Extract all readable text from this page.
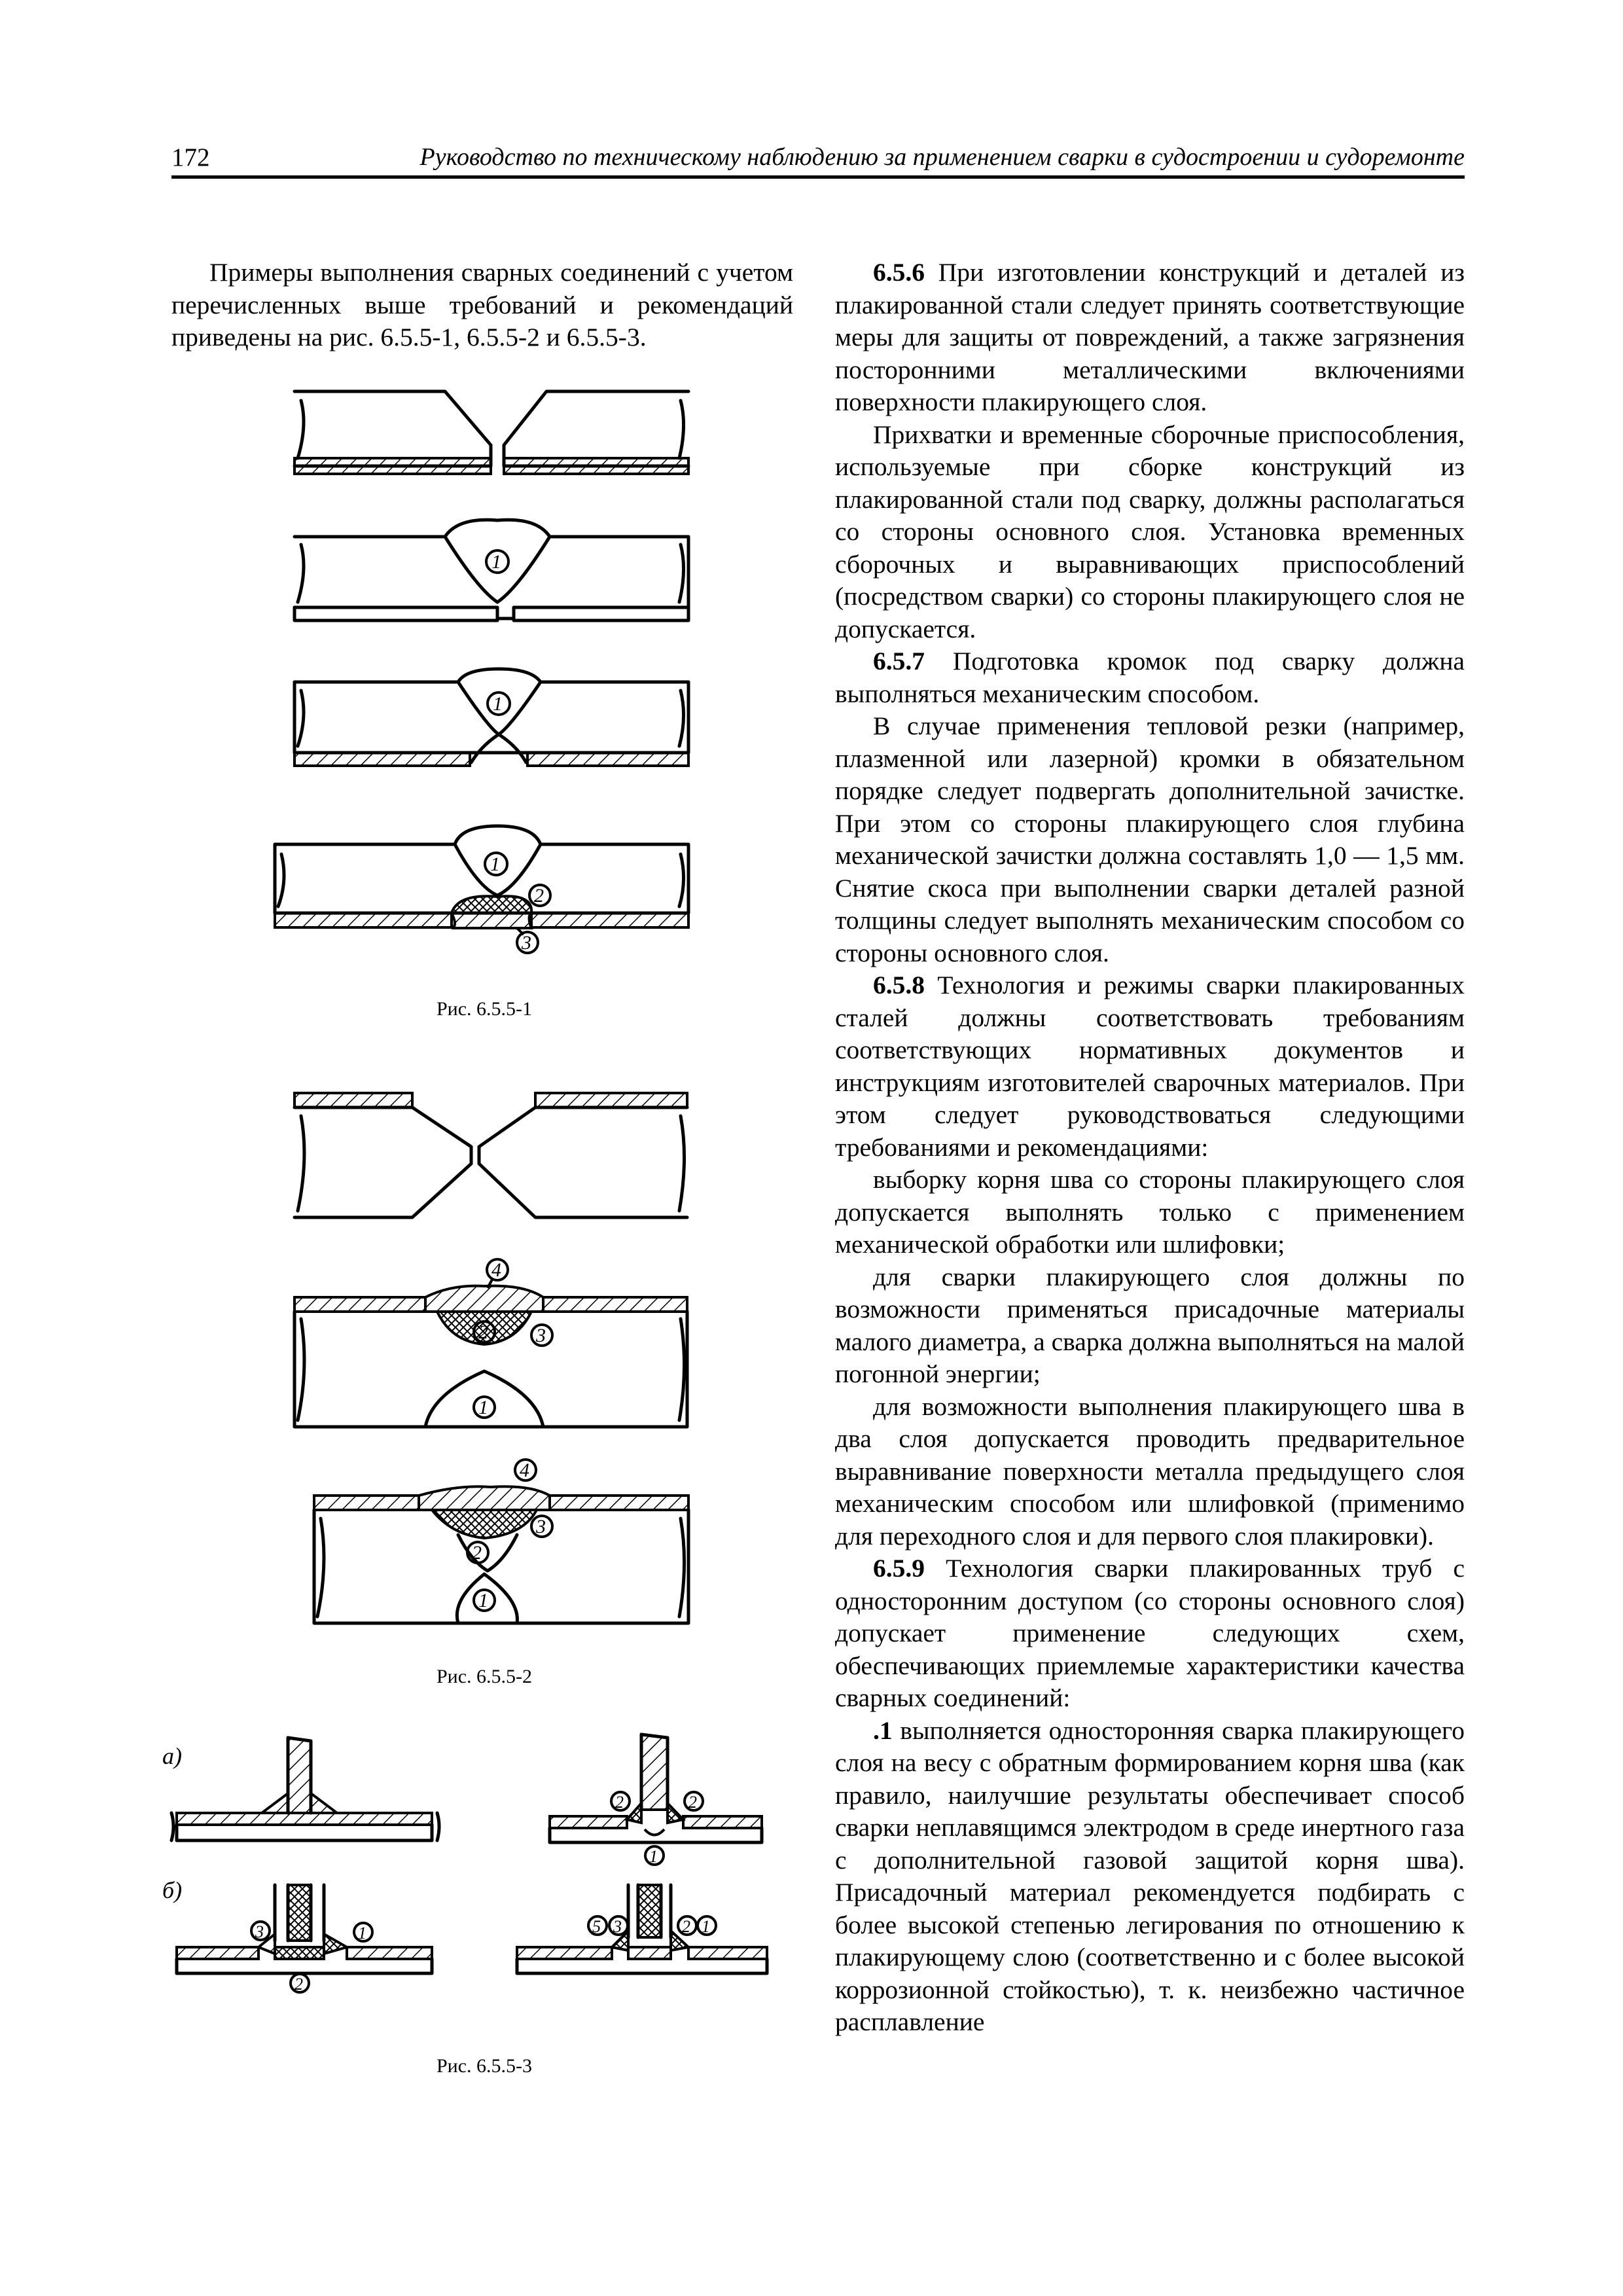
172	Руководство по техническому наблюдению за применением сварки в судостроении и судоремонте

Примеры выполнения сварных соединений с учетом перечисленных выше требований и рекомендаций приведены на рис. 6.5.5-1, 6.5.5-2 и 6.5.5-3.

1
1
1
2
3
4
2 3
1
4
3
2
1
а)
б)
2	2
1
3	1
2
5 3	2 1
Рис. 6.5.5-1
Рис. 6.5.5-2
Рис. 6.5.5-3

6.5.6 При изготовлении конструкций и деталей из плакированной стали следует принять соответствующие меры для защиты от повреждений, а также загрязнения посторонними металлическими включениями поверхности плакирующего слоя.

Прихватки и временные сборочные приспособления, используемые при сборке конструкций из плакированной стали под сварку, должны располагаться со стороны основного слоя. Установка временных сборочных и выравнивающих приспособлений (посредством сварки) со стороны плакирующего слоя не допускается.

6.5.7 Подготовка кромок под сварку должна выполняться механическим способом.

В случае применения тепловой резки (например, плазменной или лазерной) кромки в обязательном порядке следует подвергать дополнительной зачистке. При этом со стороны плакирующего слоя глубина механической зачистки должна составлять 1,0 — 1,5 мм. Снятие скоса при выполнении сварки деталей разной толщины следует выполнять механическим способом со стороны основного слоя.

6.5.8 Технология и режимы сварки плакированных сталей должны соответствовать требованиям соответствующих нормативных документов и инструкциям изготовителей сварочных материалов. При этом следует руководствоваться следующими требованиями и рекомендациями:

выборку корня шва со стороны плакирующего слоя допускается выполнять только с применением механической обработки или шлифовки;

для сварки плакирующего слоя должны по возможности применяться присадочные материалы малого диаметра, а сварка должна выполняться на малой погонной энергии;

для возможности выполнения плакирующего шва в два слоя допускается проводить предварительное выравнивание поверхности металла предыдущего слоя механическим способом или шлифовкой (применимо для переходного слоя и для первого слоя плакировки).

6.5.9 Технология сварки плакированных труб с односторонним доступом (со стороны основного слоя) допускает применение следующих схем, обеспечивающих приемлемые характеристики качества сварных соединений:

.1 выполняется односторонняя сварка плакирующего слоя на весу с обратным формированием корня шва (как правило, наилучшие результаты обеспечивает способ сварки неплавящимся электродом в среде инертного газа с дополнительной газовой защитой корня шва). Присадочный материал рекомендуется подбирать с более высокой степенью легирования по отношению к плакирующему слою (соответственно и с более высокой коррозионной стойкостью), т. к. неизбежно частичное расплавление
